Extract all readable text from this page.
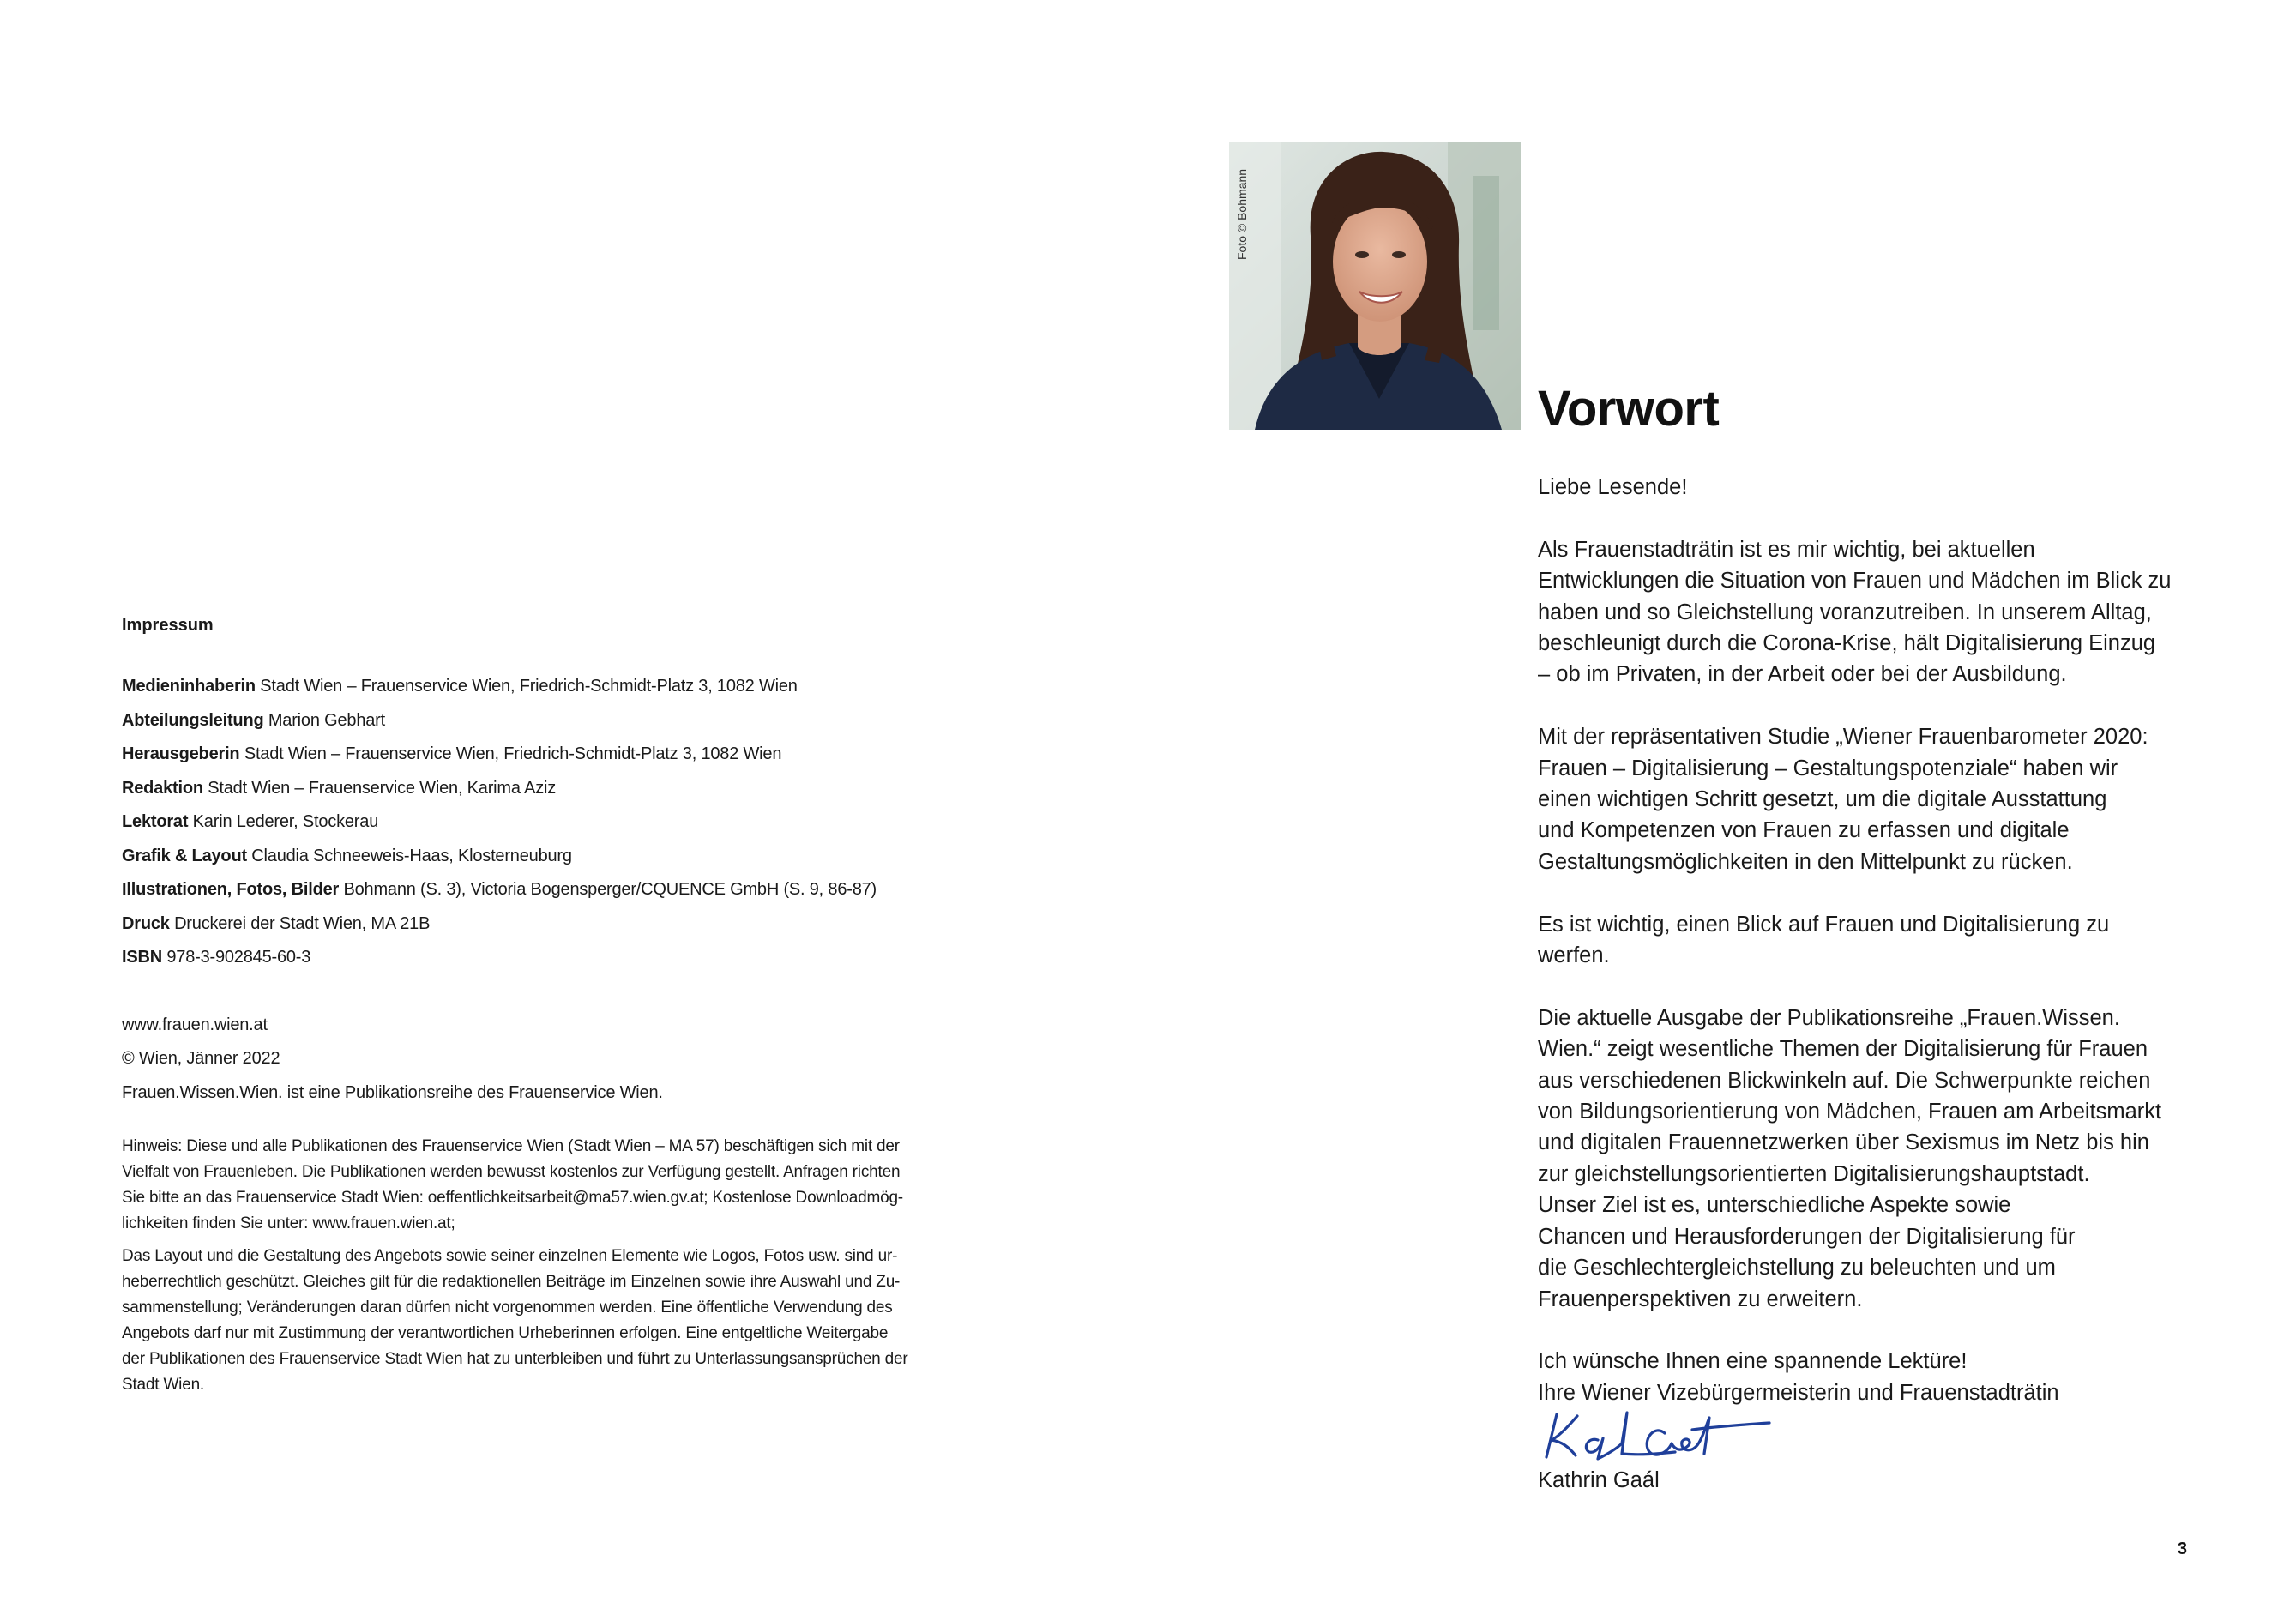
Impressum
Medieninhaberin Stadt Wien – Frauenservice Wien, Friedrich-Schmidt-Platz 3, 1082 Wien
Abteilungsleitung Marion Gebhart
Herausgeberin Stadt Wien – Frauenservice Wien, Friedrich-Schmidt-Platz 3, 1082 Wien
Redaktion Stadt Wien – Frauenservice Wien, Karima Aziz
Lektorat Karin Lederer, Stockerau
Grafik & Layout Claudia Schneeweis-Haas, Klosterneuburg
Illustrationen, Fotos, Bilder Bohmann (S. 3), Victoria Bogensperger/CQUENCE GmbH (S. 9, 86-87)
Druck Druckerei der Stadt Wien, MA 21B
ISBN 978-3-902845-60-3
www.frauen.wien.at
© Wien, Jänner 2022
Frauen.Wissen.Wien. ist eine Publikationsreihe des Frauenservice Wien.
Hinweis: Diese und alle Publikationen des Frauenservice Wien (Stadt Wien – MA 57) beschäftigen sich mit der
Vielfalt von Frauenleben. Die Publikationen werden bewusst kostenlos zur Verfügung gestellt. Anfragen richten
Sie bitte an das Frauenservice Stadt Wien: oeffentlichkeitsarbeit@ma57.wien.gv.at; Kostenlose Downloadmög-
lichkeiten finden Sie unter: www.frauen.wien.at;
Das Layout und die Gestaltung des Angebots sowie seiner einzelnen Elemente wie Logos, Fotos usw. sind ur-
heberrechtlich geschützt. Gleiches gilt für die redaktionellen Beiträge im Einzelnen sowie ihre Auswahl und Zu-
sammenstellung; Veränderungen daran dürfen nicht vorgenommen werden. Eine öffentliche Verwendung des
Angebots darf nur mit Zustimmung der verantwortlichen Urheberinnen erfolgen. Eine entgeltliche Weitergabe
der Publikationen des Frauenservice Stadt Wien hat zu unterbleiben und führt zu Unterlassungsansprüchen der
Stadt Wien.
Foto © Bohmann
Vorwort

Liebe Lesende!

Als Frauenstadträtin ist es mir wichtig, bei aktuellen
Entwicklungen die Situation von Frauen und Mädchen im Blick zu
haben und so Gleichstellung voranzutreiben. In unserem Alltag,
beschleunigt durch die Corona-Krise, hält Digitalisierung Einzug
– ob im Privaten, in der Arbeit oder bei der Ausbildung.

Mit der repräsentativen Studie „Wiener Frauenbarometer 2020:
Frauen – Digitalisierung – Gestaltungspotenziale“ haben wir
einen wichtigen Schritt gesetzt, um die digitale Ausstattung
und Kompetenzen von Frauen zu erfassen und digitale
Gestaltungsmöglichkeiten in den Mittelpunkt zu rücken.

Es ist wichtig, einen Blick auf Frauen und Digitalisierung zu
werfen.

Die aktuelle Ausgabe der Publikationsreihe „Frauen.Wissen.
Wien.“ zeigt wesentliche Themen der Digitalisierung für Frauen
aus verschiedenen Blickwinkeln auf. Die Schwerpunkte reichen
von Bildungsorientierung von Mädchen, Frauen am Arbeitsmarkt
und digitalen Frauennetzwerken über Sexismus im Netz bis hin
zur gleichstellungsorientierten Digitalisierungshauptstadt.
Unser Ziel ist es, unterschiedliche Aspekte sowie
Chancen und Herausforderungen der Digitalisierung für
die Geschlechtergleichstellung zu beleuchten und um
Frauenperspektiven zu erweitern.

Ich wünsche Ihnen eine spannende Lektüre!
Ihre Wiener Vizebürgermeisterin und Frauenstadträtin

Kathrin Gaál
3
